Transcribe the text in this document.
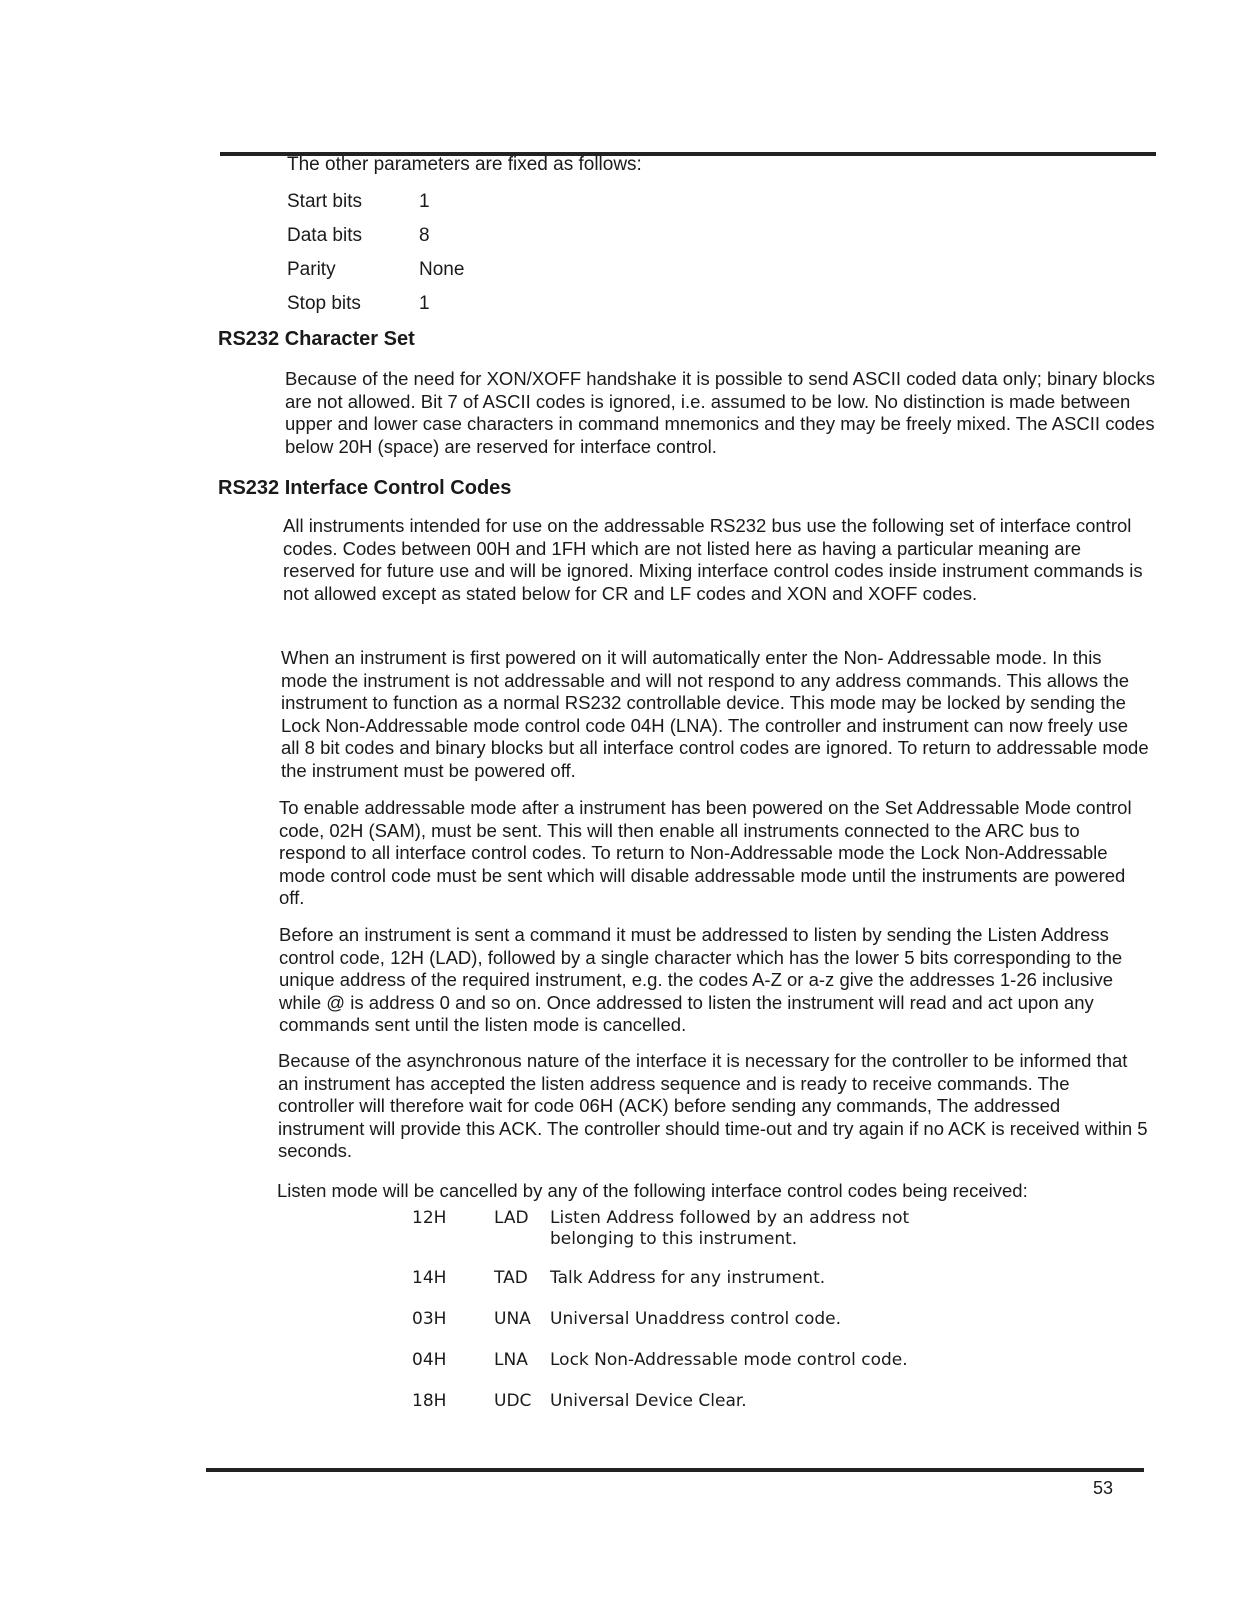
The other parameters are fixed as follows:
Start bits	1
Data bits	8
Parity	None
Stop bits	1
RS232 Character Set
Because of the need for XON/XOFF handshake it is possible to send ASCII coded data only; binary blocks are not allowed. Bit 7 of ASCII codes is ignored, i.e. assumed to be low. No distinction is made between upper and lower case characters in command mnemonics and they may be freely mixed. The ASCII codes below 20H (space) are reserved for interface control.
RS232 Interface Control Codes
All instruments intended for use on the addressable RS232 bus use the following set of interface control codes. Codes between 00H and 1FH which are not listed here as having a particular meaning are reserved for future use and will be ignored. Mixing interface control codes inside instrument commands is not allowed except as stated below for CR and LF codes and XON and XOFF codes.
When an instrument is first powered on it will automatically enter the Non- Addressable mode. In this mode the instrument is not addressable and will not respond to any address commands. This allows the instrument to function as a normal RS232 controllable device. This mode may be locked by sending the Lock Non-Addressable mode control code 04H (LNA). The controller and instrument can now freely use all 8 bit codes and binary blocks but all interface control codes are ignored. To return to addressable mode the instrument must be powered off.
To enable addressable mode after a instrument has been powered on the Set Addressable Mode control code, 02H (SAM), must be sent. This will then enable all instruments connected to the ARC bus to respond to all interface control codes. To return to Non-Addressable mode the Lock Non-Addressable mode control code must be sent which will disable addressable mode until the instruments are powered off.
Before an instrument is sent a command it must be addressed to listen by sending the Listen Address control code, 12H (LAD), followed by a single character which has the lower 5 bits corresponding to the unique address of the required instrument, e.g. the codes A-Z or a-z give the addresses 1-26 inclusive while @ is address 0 and so on. Once addressed to listen the instrument will read and act upon any commands sent until the listen mode is cancelled.
Because of the asynchronous nature of the interface it is necessary for the controller to be informed that an instrument has accepted the listen address sequence and is ready to receive commands. The controller will therefore wait for code 06H (ACK) before sending any commands, The addressed instrument will provide this ACK. The controller should time-out and try again if no ACK is received within 5 seconds.
Listen mode will be cancelled by any of the following interface control codes being received:
12H	LAD	Listen Address followed by an address not belonging to this instrument.
14H	TAD	Talk Address for any instrument.
03H	UNA	Universal Unaddress control code.
04H	LNA	Lock Non-Addressable mode control code.
18H	UDC	Universal Device Clear.
53
